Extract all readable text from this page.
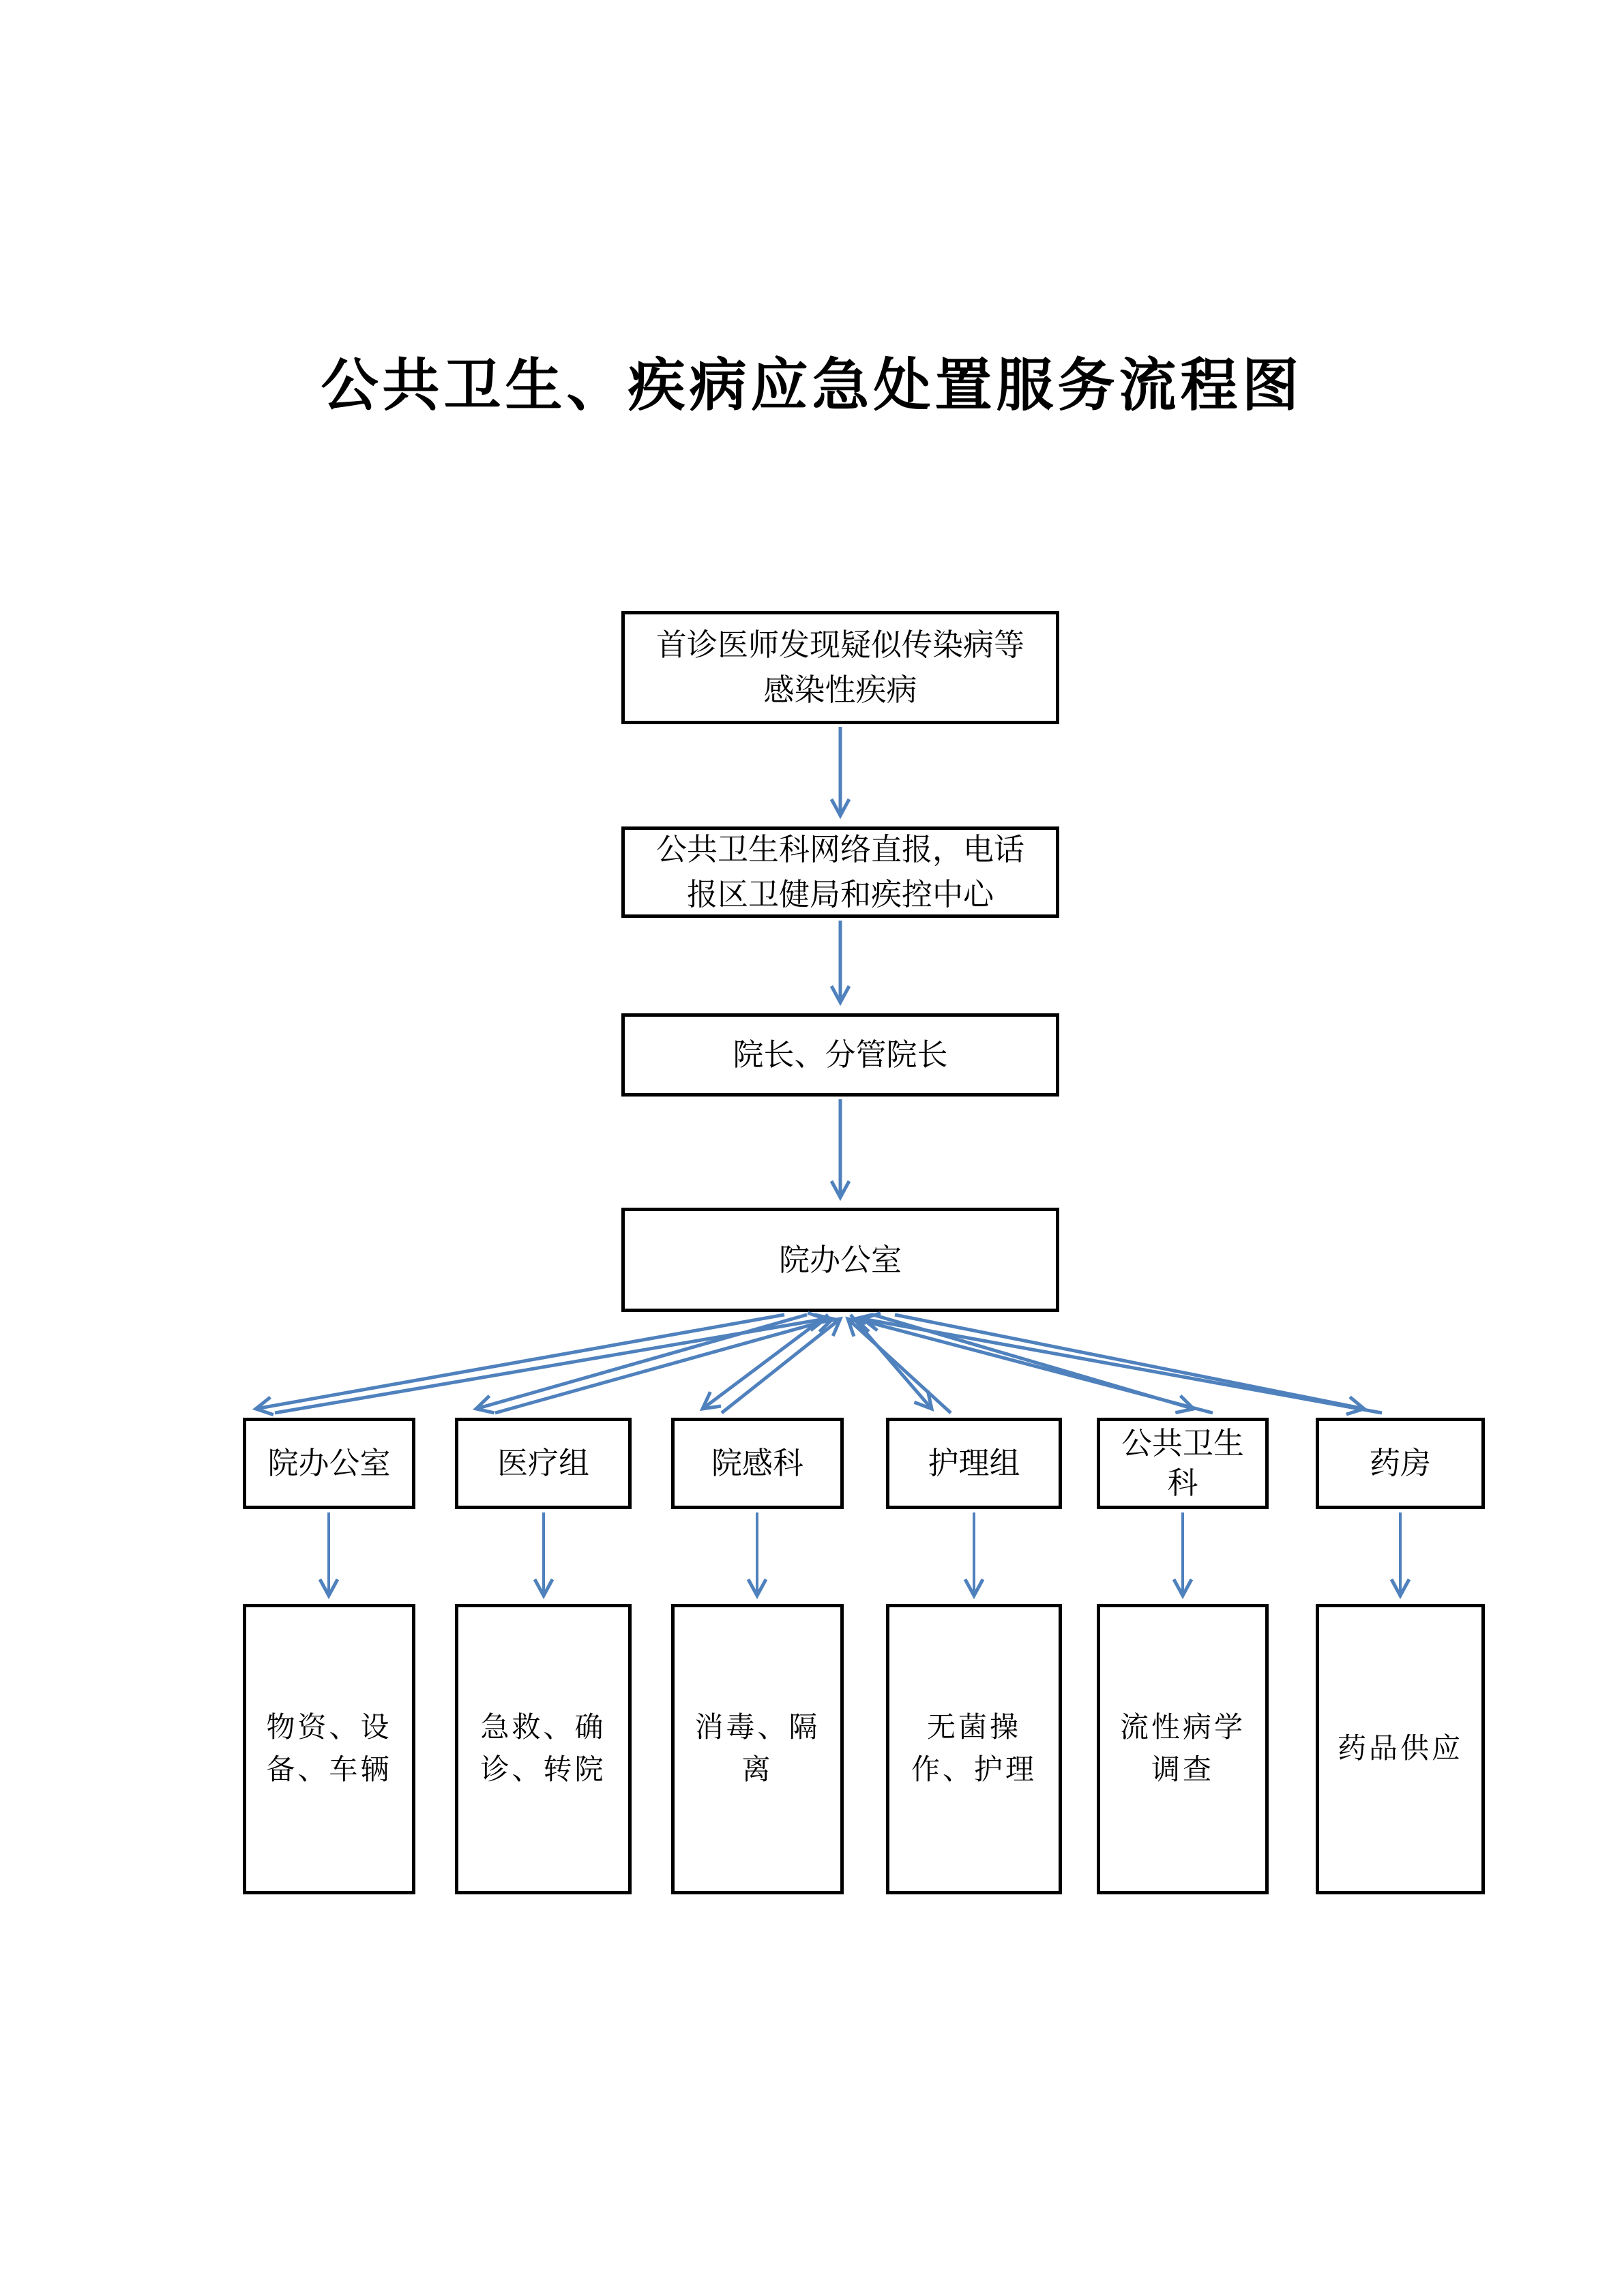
公共卫生、疾病应急处置服务流程图
首诊医师发现疑似传染病等
感染性疾病
公共卫生科网络直报，电话
报区卫健局和疾控中心
院长、分管院长
院办公室
院办公室	医疗组	院感科	护理组
公共卫生
科
药房
物资、设
备、车辆
急救、确
诊、转院
消毒、隔
离
无菌操
作、护理
流性病学
调查
药品供应
